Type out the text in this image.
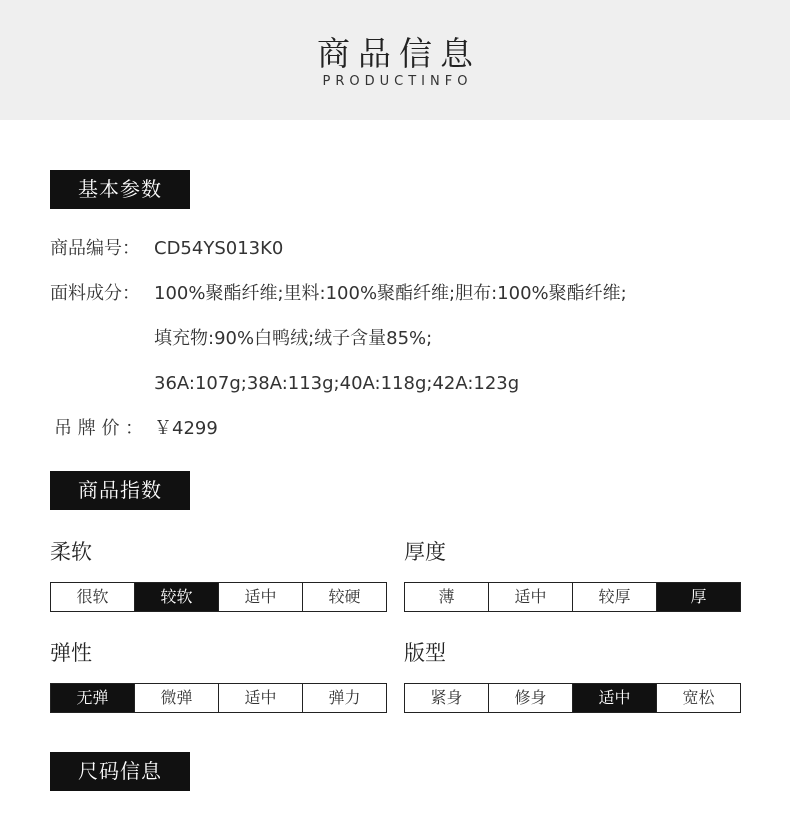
商品信息
PRODUCTINFO
基本参数
商品编号： CD54YS013K0
面料成分： 100%聚酯纤维;里料:100%聚酯纤维;胆布:100%聚酯纤维;
填充物:90%白鸭绒;绒子含量85%;
36A:107g;38A:113g;40A:118g;42A:123g
吊 牌 价 ： ￥4299
商品指数
柔软
很软	较软	适中	较硬
厚度
薄	适中	较厚	厚
弹性
无弹	微弹	适中	弹力
版型
紧身	修身	适中	宽松
尺码信息
